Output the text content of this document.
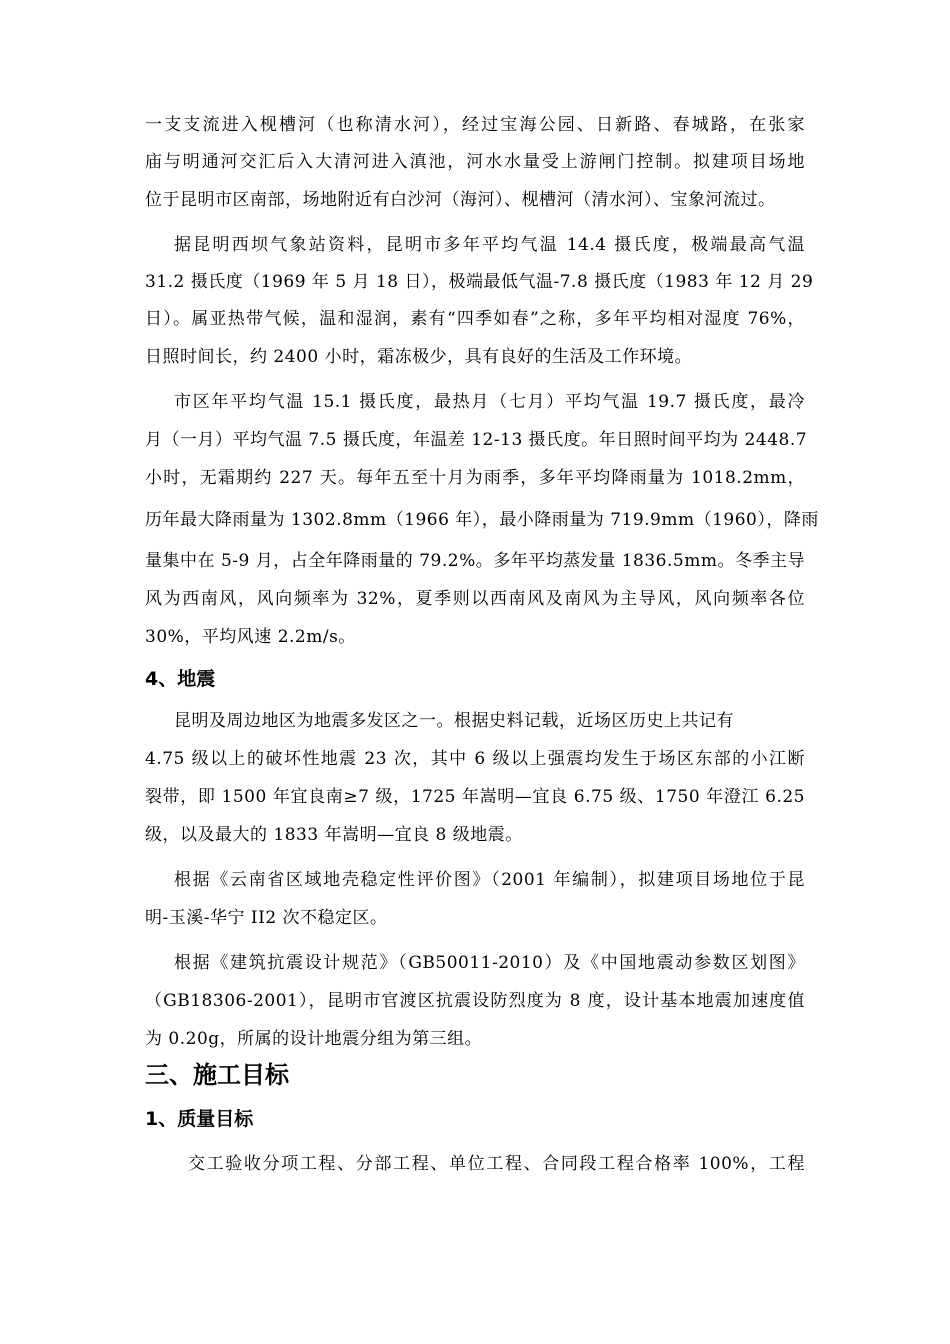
一支支流进入枧槽河（也称清水河），经过宝海公园、日新路、春城路，在张家
庙与明通河交汇后入大清河进入滇池，河水水量受上游闸门控制。拟建项目场地
位于昆明市区南部，场地附近有白沙河（海河）、枧槽河（清水河）、宝象河流过。
据昆明西坝气象站资料，昆明市多年平均气温 14.4 摄氏度，极端最高气温
31.2 摄氏度（1969 年 5 月 18 日），极端最低气温-7.8 摄氏度（1983 年 12 月 29
日）。属亚热带气候，温和湿润，素有“四季如春”之称，多年平均相对湿度 76%，
日照时间长，约 2400 小时，霜冻极少，具有良好的生活及工作环境。
市区年平均气温 15.1 摄氏度，最热月（七月）平均气温 19.7 摄氏度，最冷
月（一月）平均气温 7.5 摄氏度，年温差 12-13 摄氏度。年日照时间平均为 2448.7
小时，无霜期约 227 天。每年五至十月为雨季，多年平均降雨量为 1018.2mm，
历年最大降雨量为 1302.8mm（1966 年），最小降雨量为 719.9mm（1960），降雨
量集中在 5-9 月，占全年降雨量的 79.2%。多年平均蒸发量 1836.5mm。冬季主导
风为西南风，风向频率为 32%，夏季则以西南风及南风为主导风，风向频率各位
30%，平均风速 2.2m/s。
4、地震
昆明及周边地区为地震多发区之一。根据史料记载，近场区历史上共记有
4.75 级以上的破坏性地震 23 次，其中 6 级以上强震均发生于场区东部的小江断
裂带，即 1500 年宜良南≥7 级，1725 年嵩明—宜良 6.75 级、1750 年澄江 6.25
级，以及最大的 1833 年嵩明—宜良 8 级地震。
根据《云南省区域地壳稳定性评价图》（2001 年编制），拟建项目场地位于昆
明-玉溪-华宁 II2 次不稳定区。
根据《建筑抗震设计规范》（GB50011-2010）及《中国地震动参数区划图》
（GB18306-2001），昆明市官渡区抗震设防烈度为 8 度，设计基本地震加速度值
为 0.20g，所属的设计地震分组为第三组。
三、施工目标
1、质量目标
交工验收分项工程、分部工程、单位工程、合同段工程合格率 100%，工程
